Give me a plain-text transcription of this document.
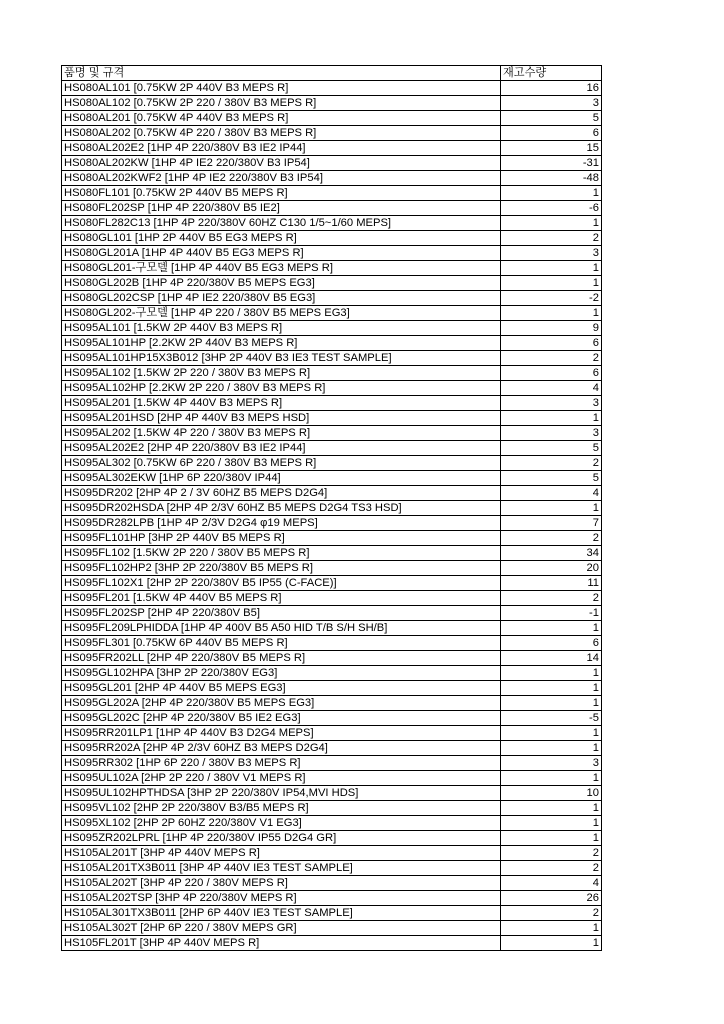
품명 및 규격	재고수량
HS080AL101 [0.75KW 2P 440V B3 MEPS R]	16
HS080AL102 [0.75KW 2P 220 / 380V B3 MEPS R]	3
HS080AL201 [0.75KW 4P 440V B3 MEPS R]	5
HS080AL202 [0.75KW 4P 220 / 380V B3 MEPS R]	6
HS080AL202E2 [1HP 4P 220/380V B3 IE2 IP44]	15
HS080AL202KW [1HP 4P IE2 220/380V B3 IP54]	-31
HS080AL202KWF2 [1HP 4P IE2 220/380V B3 IP54]	-48
HS080FL101 [0.75KW 2P 440V B5 MEPS R]	1
HS080FL202SP [1HP 4P 220/380V B5 IE2]	-6
HS080FL282C13 [1HP 4P 220/380V 60HZ C130 1/5~1/60 MEPS]	1
HS080GL101 [1HP 2P 440V B5 EG3 MEPS R]	2
HS080GL201A [1HP 4P 440V B5 EG3 MEPS R]	3
HS080GL201-구모델 [1HP 4P 440V B5 EG3 MEPS R]	1
HS080GL202B [1HP 4P 220/380V B5 MEPS EG3]	1
HS080GL202CSP [1HP 4P IE2 220/380V B5 EG3]	-2
HS080GL202-구모델 [1HP 4P 220 / 380V B5 MEPS EG3]	1
HS095AL101 [1.5KW 2P 440V B3 MEPS R]	9
HS095AL101HP [2.2KW 2P 440V B3 MEPS R]	6
HS095AL101HP15X3B012 [3HP 2P 440V B3 IE3 TEST SAMPLE]	2
HS095AL102 [1.5KW 2P 220 / 380V B3 MEPS R]	6
HS095AL102HP [2.2KW 2P 220 / 380V B3 MEPS R]	4
HS095AL201 [1.5KW 4P 440V B3 MEPS R]	3
HS095AL201HSD [2HP 4P 440V B3 MEPS HSD]	1
HS095AL202 [1.5KW 4P 220 / 380V B3 MEPS R]	3
HS095AL202E2 [2HP 4P 220/380V B3 IE2 IP44]	5
HS095AL302 [0.75KW 6P 220 / 380V B3 MEPS R]	2
HS095AL302EKW [1HP 6P 220/380V IP44]	5
HS095DR202 [2HP 4P 2 / 3V 60HZ B5 MEPS D2G4]	4
HS095DR202HSDA [2HP 4P 2/3V 60HZ B5 MEPS D2G4 TS3 HSD]	1
HS095DR282LPB [1HP 4P 2/3V D2G4 φ19 MEPS]	7
HS095FL101HP [3HP 2P 440V B5 MEPS R]	2
HS095FL102 [1.5KW 2P 220 / 380V B5 MEPS R]	34
HS095FL102HP2 [3HP 2P 220/380V B5 MEPS R]	20
HS095FL102X1 [2HP 2P 220/380V B5 IP55 (C-FACE)]	11
HS095FL201 [1.5KW 4P 440V B5 MEPS R]	2
HS095FL202SP [2HP 4P 220/380V B5]	-1
HS095FL209LPHIDDA [1HP 4P 400V B5 A50 HID T/B S/H SH/B]	1
HS095FL301 [0.75KW 6P 440V B5 MEPS R]	6
HS095FR202LL [2HP 4P 220/380V B5 MEPS R]	14
HS095GL102HPA [3HP 2P 220/380V EG3]	1
HS095GL201 [2HP 4P 440V B5 MEPS EG3]	1
HS095GL202A [2HP 4P 220/380V B5 MEPS EG3]	1
HS095GL202C [2HP 4P 220/380V B5 IE2 EG3]	-5
HS095RR201LP1 [1HP 4P 440V B3 D2G4 MEPS]	1
HS095RR202A [2HP 4P 2/3V 60HZ B3 MEPS D2G4]	1
HS095RR302 [1HP 6P 220 / 380V B3 MEPS R]	3
HS095UL102A [2HP 2P 220 / 380V V1 MEPS R]	1
HS095UL102HPTHDSA [3HP 2P 220/380V IP54,MVI HDS]	10
HS095VL102 [2HP 2P 220/380V B3/B5 MEPS R]	1
HS095XL102 [2HP 2P 60HZ 220/380V V1 EG3]	1
HS095ZR202LPRL [1HP 4P 220/380V IP55 D2G4 GR]	1
HS105AL201T [3HP 4P 440V MEPS R]	2
HS105AL201TX3B011 [3HP 4P 440V IE3 TEST SAMPLE]	2
HS105AL202T [3HP 4P 220 / 380V MEPS R]	4
HS105AL202TSP [3HP 4P 220/380V MEPS R]	26
HS105AL301TX3B011 [2HP 6P 440V IE3 TEST SAMPLE]	2
HS105AL302T [2HP 6P 220 / 380V MEPS GR]	1
HS105FL201T [3HP 4P 440V MEPS R]	1
